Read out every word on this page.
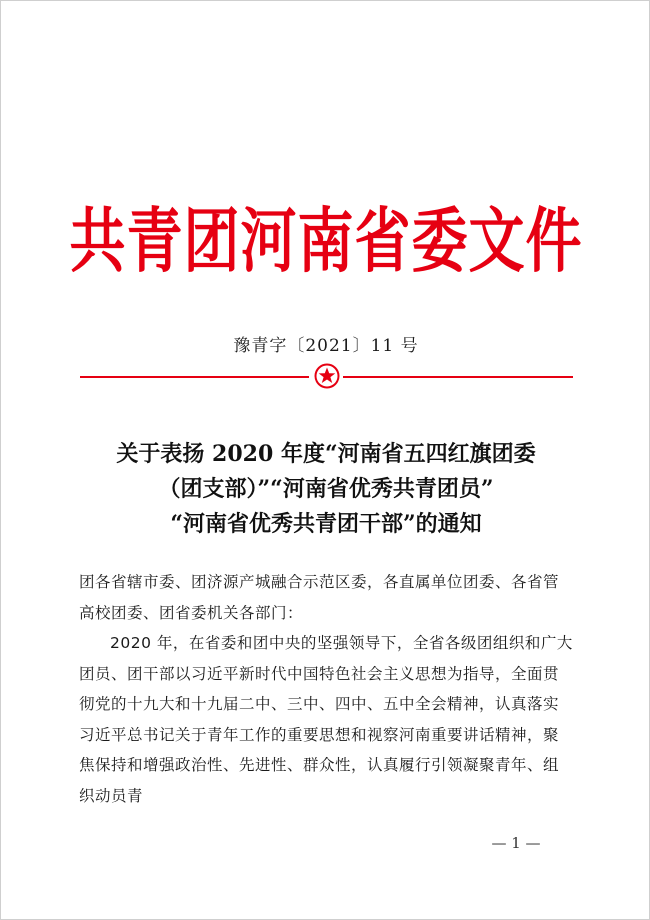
共青团河南省委文件
豫青字〔2021〕11 号
关于表扬 2020 年度“河南省五四红旗团委
（团支部）”“河南省优秀共青团员”
“河南省优秀共青团干部”的通知

团各省辖市委、团济源产城融合示范区委，各直属单位团委、各省管高校团委、团省委机关各部门：

2020 年，在省委和团中央的坚强领导下，全省各级团组织和广大团员、团干部以习近平新时代中国特色社会主义思想为指导，全面贯彻党的十九大和十九届二中、三中、四中、五中全会精神，认真落实习近平总书记关于青年工作的重要思想和视察河南重要讲话精神，聚焦保持和增强政治性、先进性、群众性，认真履行引领凝聚青年、组织动员青

— 1 —
